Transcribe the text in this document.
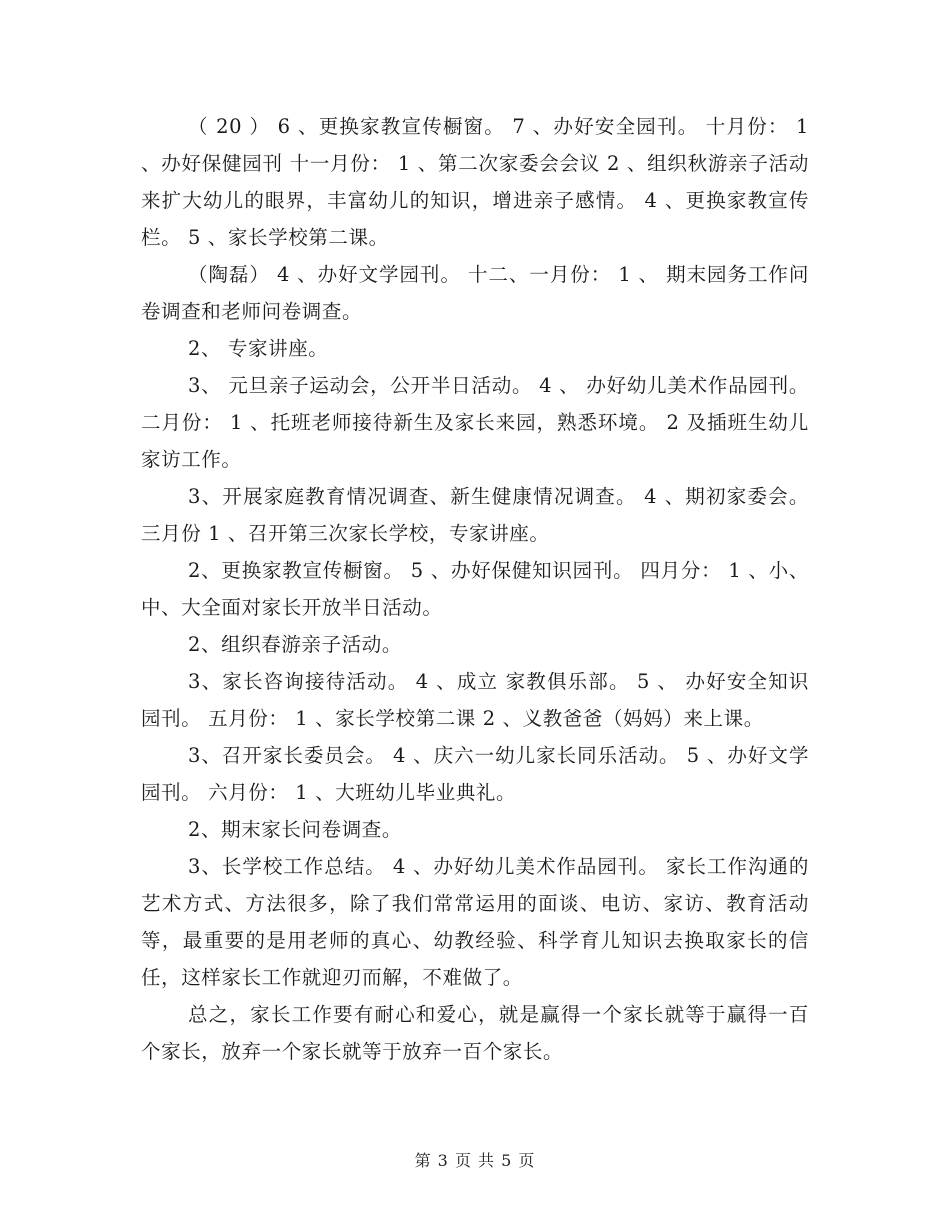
（ 20 ） 6 、更换家教宣传橱窗。 7 、办好安全园刊。 十月份： 1 、办好保健园刊 十一月份： 1 、第二次家委会会议 2 、组织秋游亲子活动来扩大幼儿的眼界，丰富幼儿的知识，增进亲子感情。 4 、更换家教宣传栏。 5 、家长学校第二课。

（陶磊） 4 、办好文学园刊。 十二、一月份： 1 、 期末园务工作问卷调查和老师问卷调查。

2、 专家讲座。

3、 元旦亲子运动会，公开半日活动。 4 、 办好幼儿美术作品园刊。 二月份： 1 、托班老师接待新生及家长来园，熟悉环境。 2 及插班生幼儿家访工作。

3、开展家庭教育情况调查、新生健康情况调查。 4 、期初家委会。 三月份 1 、召开第三次家长学校，专家讲座。

2、更换家教宣传橱窗。 5 、办好保健知识园刊。 四月分： 1 、小、中、大全面对家长开放半日活动。

2、组织春游亲子活动。

3、家长咨询接待活动。 4 、成立 家教俱乐部。 5 、 办好安全知识园刊。 五月份： 1 、家长学校第二课 2 、义教爸爸（妈妈）来上课。

3、召开家长委员会。 4 、庆六一幼儿家长同乐活动。 5 、办好文学园刊。 六月份： 1 、大班幼儿毕业典礼。

2、期末家长问卷调查。

3、长学校工作总结。 4 、办好幼儿美术作品园刊。 家长工作沟通的艺术方式、方法很多，除了我们常常运用的面谈、电访、家访、教育活动等，最重要的是用老师的真心、幼教经验、科学育儿知识去换取家长的信任，这样家长工作就迎刃而解，不难做了。

总之，家长工作要有耐心和爱心，就是赢得一个家长就等于赢得一百个家长，放弃一个家长就等于放弃一百个家长。

第 3 页 共 5 页
